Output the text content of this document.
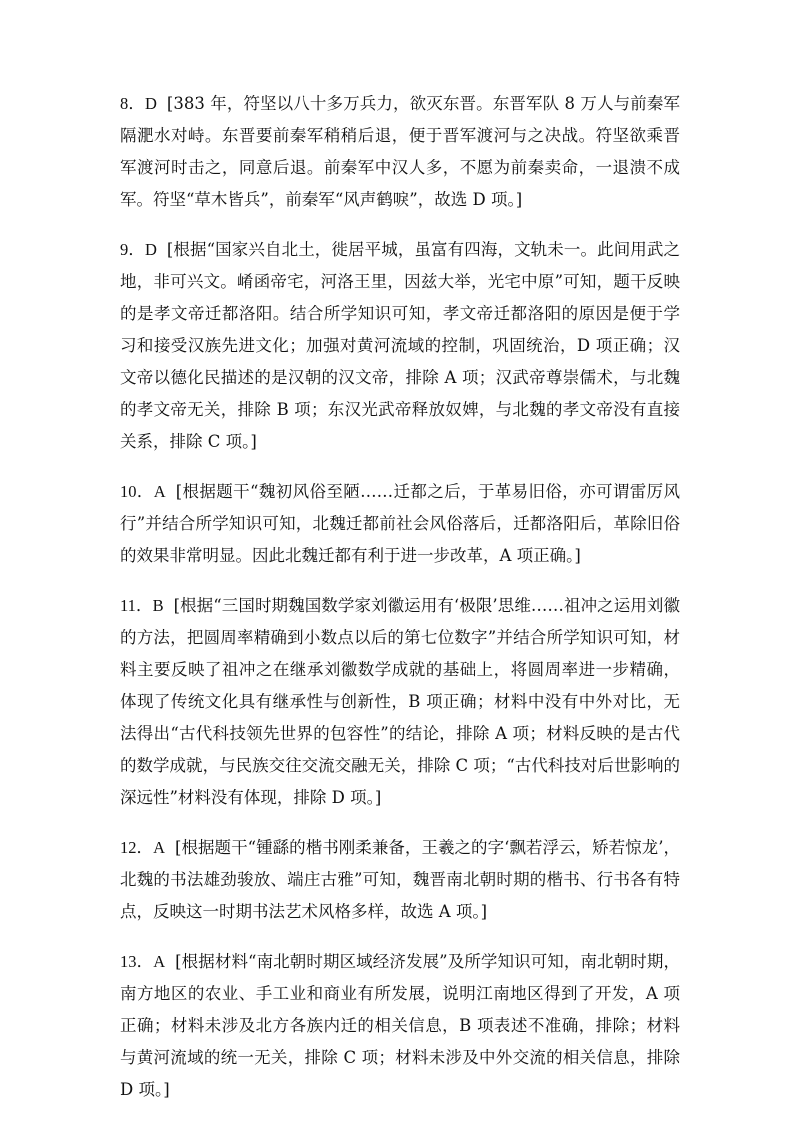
8．D [383 年，符坚以八十多万兵力，欲灭东晋。东晋军队 8 万人与前秦军隔淝水对峙。东晋要前秦军稍稍后退，便于晋军渡河与之决战。符坚欲乘晋军渡河时击之，同意后退。前秦军中汉人多，不愿为前秦卖命，一退溃不成军。符坚“草木皆兵”，前秦军“风声鹤唳”，故选 D 项。]

9．D [根据“国家兴自北土，徙居平城，虽富有四海，文轨未一。此间用武之地，非可兴文。崤函帝宅，河洛王里，因兹大举，光宅中原”可知，题干反映的是孝文帝迁都洛阳。结合所学知识可知，孝文帝迁都洛阳的原因是便于学习和接受汉族先进文化；加强对黄河流域的控制，巩固统治，D 项正确；汉文帝以德化民描述的是汉朝的汉文帝，排除 A 项；汉武帝尊崇儒术，与北魏的孝文帝无关，排除 B 项；东汉光武帝释放奴婢，与北魏的孝文帝没有直接关系，排除 C 项。]

10．A [根据题干“魏初风俗至陋……迁都之后，于革易旧俗，亦可谓雷厉风行”并结合所学知识可知，北魏迁都前社会风俗落后，迁都洛阳后，革除旧俗的效果非常明显。因此北魏迁都有利于进一步改革，A 项正确。]

11．B [根据“三国时期魏国数学家刘徽运用有‘极限’思维……祖冲之运用刘徽的方法，把圆周率精确到小数点以后的第七位数字”并结合所学知识可知，材料主要反映了祖冲之在继承刘徽数学成就的基础上，将圆周率进一步精确，体现了传统文化具有继承性与创新性，B 项正确；材料中没有中外对比，无法得出“古代科技领先世界的包容性”的结论，排除 A 项；材料反映的是古代的数学成就，与民族交往交流交融无关，排除 C 项；“古代科技对后世影响的深远性”材料没有体现，排除 D 项。]

12．A [根据题干“锺繇的楷书刚柔兼备，王羲之的字‘飘若浮云，矫若惊龙’，北魏的书法雄劲骏放、端庄古雅”可知，魏晋南北朝时期的楷书、行书各有特点，反映这一时期书法艺术风格多样，故选 A 项。]

13．A [根据材料“南北朝时期区域经济发展”及所学知识可知，南北朝时期，南方地区的农业、手工业和商业有所发展，说明江南地区得到了开发，A 项正确；材料未涉及北方各族内迁的相关信息，B 项表述不准确，排除；材料与黄河流域的统一无关，排除 C 项；材料未涉及中外交流的相关信息，排除 D 项。]
